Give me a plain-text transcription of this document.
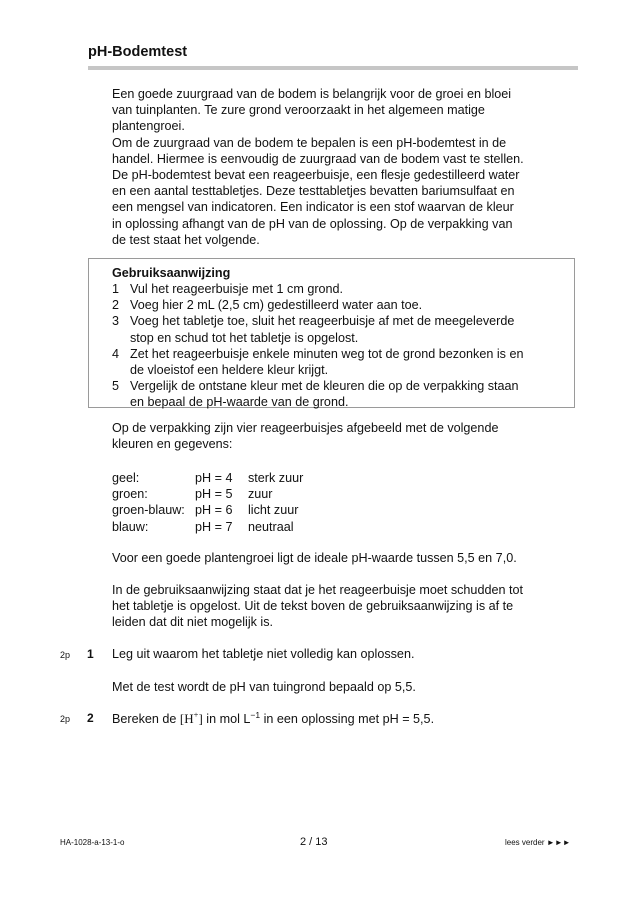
pH-Bodemtest
Een goede zuurgraad van de bodem is belangrijk voor de groei en bloei
van tuinplanten. Te zure grond veroorzaakt in het algemeen matige
plantengroei.
Om de zuurgraad van de bodem te bepalen is een pH-bodemtest in de
handel. Hiermee is eenvoudig de zuurgraad van de bodem vast te stellen.
De pH-bodemtest bevat een reageerbuisje, een flesje gedestilleerd water
en een aantal testtabletjes. Deze testtabletjes bevatten bariumsulfaat en
een mengsel van indicatoren. Een indicator is een stof waarvan de kleur
in oplossing afhangt van de pH van de oplossing. Op de verpakking van
de test staat het volgende.
Gebruiksaanwijzing
1 Vul het reageerbuisje met 1 cm grond.
2 Voeg hier 2 mL (2,5 cm) gedestilleerd water aan toe.
3 Voeg het tabletje toe, sluit het reageerbuisje af met de meegeleverde
stop en schud tot het tabletje is opgelost.
4 Zet het reageerbuisje enkele minuten weg tot de grond bezonken is en
de vloeistof een heldere kleur krijgt.
5 Vergelijk de ontstane kleur met de kleuren die op de verpakking staan
en bepaal de pH-waarde van de grond.
Op de verpakking zijn vier reageerbuisjes afgebeeld met de volgende
kleuren en gegevens:
geel:	pH = 4	sterk zuur
groen:	pH = 5	zuur
groen-blauw:	pH = 6	licht zuur
blauw:	pH = 7	neutraal
Voor een goede plantengroei ligt de ideale pH-waarde tussen 5,5 en 7,0.
In de gebruiksaanwijzing staat dat je het reageerbuisje moet schudden tot
het tabletje is opgelost. Uit de tekst boven de gebruiksaanwijzing is af te
leiden dat dit niet mogelijk is.
2p 1 Leg uit waarom het tabletje niet volledig kan oplossen.
Met de test wordt de pH van tuingrond bepaald op 5,5.
2p 2 Bereken de [H+] in mol $L^{-1}$ in een oplossing met pH = 5,5.
HA-1028-a-13-1-o	2 / 13	lees verder ►►►
